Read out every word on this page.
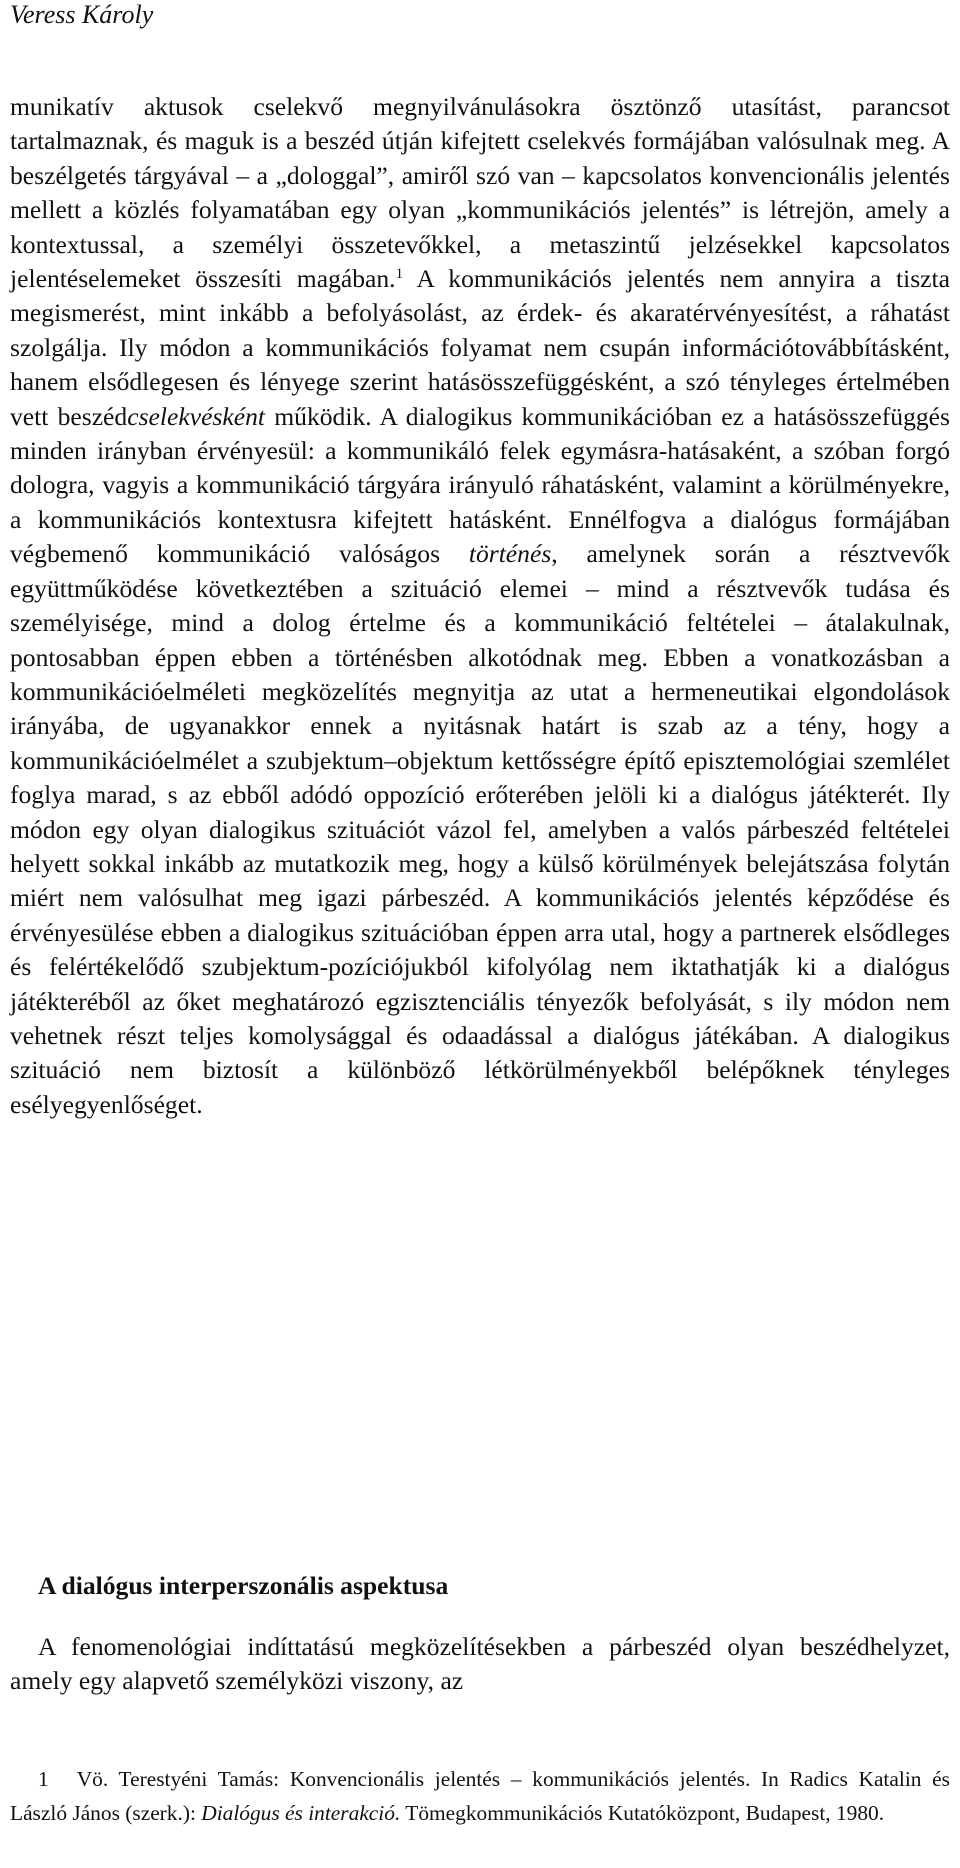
Veress Károly

munikatív aktusok cselekvő megnyilvánulásokra ösztönző utasítást, parancsot tartalmaznak, és maguk is a beszéd útján kifejtett cselekvés formájában valósulnak meg. A beszélgetés tárgyával – a „dologgal”, amiről szó van – kapcsolatos konvencionális jelentés mellett a közlés folyamatában egy olyan „kommunikációs jelentés” is létrejön, amely a kontextussal, a személyi összetevőkkel, a metaszintű jelzésekkel kapcsolatos jelentéselemeket összesíti magában.$^1$ A kommunikációs jelentés nem annyira a tiszta megismerést, mint inkább a befolyásolást, az érdek- és akaratérvényesítést, a ráhatást szolgálja. Ily módon a kommunikációs folyamat nem csupán információtovábbításként, hanem elsődlegesen és lényege szerint hatásösszefüggésként, a szó tényleges értelmében vett beszédcselekvésként működik. A dialogikus kommunikációban ez a hatásösszefüggés minden irányban érvényesül: a kommunikáló felek egymásra-hatásaként, a szóban forgó dologra, vagyis a kommunikáció tárgyára irányuló ráhatásként, valamint a körülményekre, a kommunikációs kontextusra kifejtett hatásként. Ennélfogva a dialógus formájában végbemenő kommunikáció valóságos történés, amelynek során a résztvevők együttműködése következtében a szituáció elemei – mind a résztvevők tudása és személyisége, mind a dolog értelme és a kommunikáció feltételei – átalakulnak, pontosabban éppen ebben a történésben alkotódnak meg. Ebben a vonatkozásban a kommunikációelméleti megközelítés megnyitja az utat a hermeneutikai elgondolások irányába, de ugyanakkor ennek a nyitásnak határt is szab az a tény, hogy a kommunikációelmélet a szubjektum–objektum kettősségre építő episztemológiai szemlélet foglya marad, s az ebből adódó oppozíció erőterében jelöli ki a dialógus játékterét. Ily módon egy olyan dialogikus szituációt vázol fel, amelyben a valós párbeszéd feltételei helyett sokkal inkább az mutatkozik meg, hogy a külső körülmények belejátszása folytán miért nem valósulhat meg igazi párbeszéd. A kommunikációs jelentés képződése és érvényesülése ebben a dialogikus szituációban éppen arra utal, hogy a partnerek elsődleges és felértékelődő szubjektum-pozíciójukból kifolyólag nem iktathatják ki a dialógus játékteréből az őket meghatározó egzisztenciális tényezők befolyását, s ily módon nem vehetnek részt teljes komolysággal és odaadással a dialógus játékában. A dialogikus szituáció nem biztosít a különböző létkörülményekből belépőknek tényleges esélyegyenlőséget.

A dialógus interperszonális aspektusa
A fenomenológiai indíttatású megközelítésekben a párbeszéd olyan beszédhelyzet, amely egy alapvető személyközi viszony, az
1 Vö. Terestyéni Tamás: Konvencionális jelentés – kommunikációs jelentés. In Radics Katalin és László János (szerk.): Dialógus és interakció. Tömegkommunikációs Kutatóközpont, Budapest, 1980.
